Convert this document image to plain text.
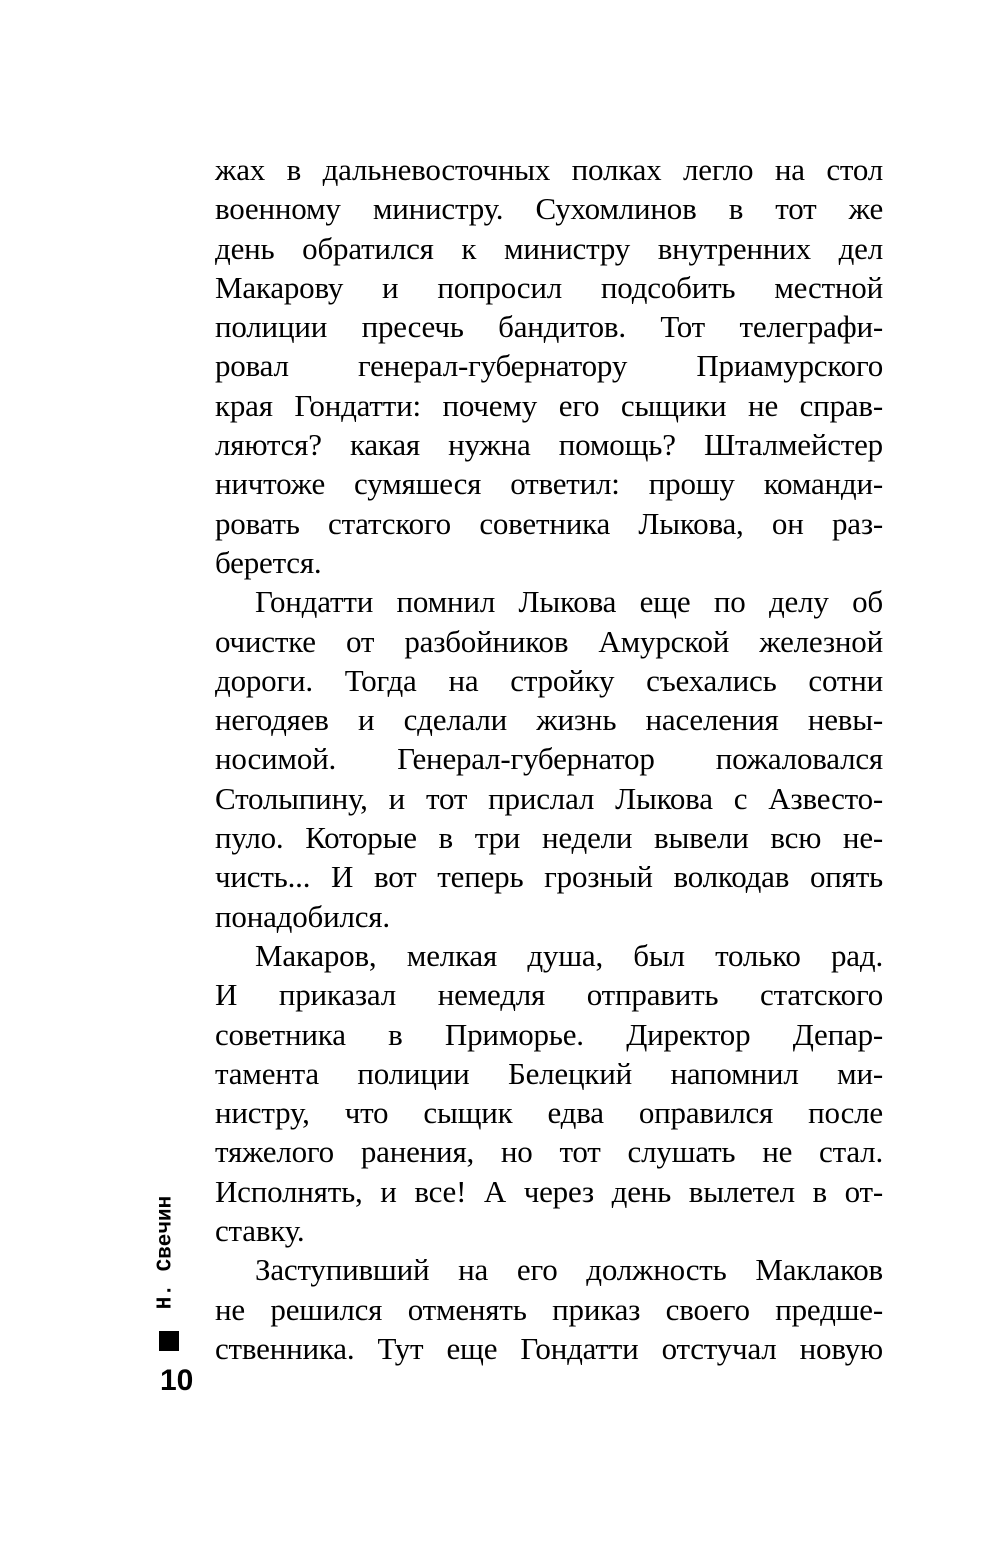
Н. Свечин
10
жах в дальневосточных полках легло на стол
военному министру. Сухомлинов в тот же
день обратился к министру внутренних дел
Макарову и попросил подсобить местной
полиции пресечь бандитов. Тот телеграфи-
ровал генерал-губернатору Приамурского
края Гондатти: почему его сыщики не справ-
ляются? какая нужна помощь? Шталмейстер
ничтоже сумяшеся ответил: прошу команди-
ровать статского советника Лыкова, он раз-
берется.
Гондатти помнил Лыкова еще по делу об
очистке от разбойников Амурской железной
дороги. Тогда на стройку съехались сотни
негодяев и сделали жизнь населения невы-
носимой. Генерал-губернатор пожаловался
Столыпину, и тот прислал Лыкова с Азвесто-
пуло. Которые в три недели вывели всю не-
чисть... И вот теперь грозный волкодав опять
понадобился.
Макаров, мелкая душа, был только рад.
И приказал немедля отправить статского
советника в Приморье. Директор Депар-
тамента полиции Белецкий напомнил ми-
нистру, что сыщик едва оправился после
тяжелого ранения, но тот слушать не стал.
Исполнять, и все! А через день вылетел в от-
ставку.
Заступивший на его должность Маклаков
не решился отменять приказ своего предше-
ственника. Тут еще Гондатти отстучал новую
